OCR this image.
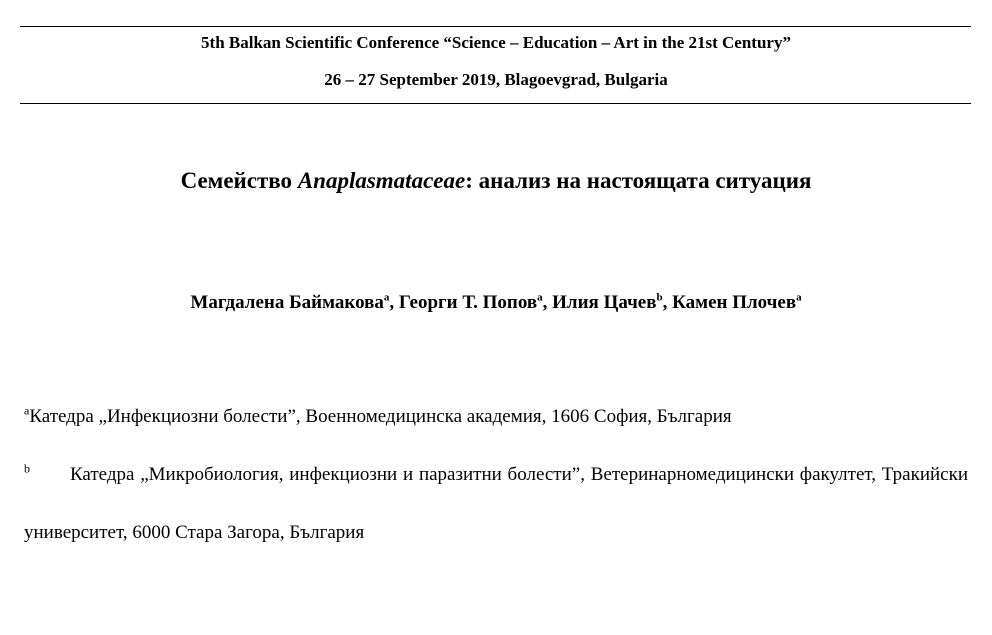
5th Balkan Scientific Conference “Science – Education – Art in the 21st Century”
26 – 27 September 2019, Blagoevgrad, Bulgaria
Семейство Anaplasmataceae: анализ на настоящата ситуация
Магдалена Баймакова$^a$, Георги Т. Попов$^a$, Илия Цачев$^b$, Камен Плочев$^a$
$^a$Катедра „Инфекциозни болести”, Военномедицинска академия, 1606 София, България
$^b$ Катедра „Микробиология, инфекциозни и паразитни болести”, Ветеринарномедицински факултет, Тракийски университет, 6000 Стара Загора, България
